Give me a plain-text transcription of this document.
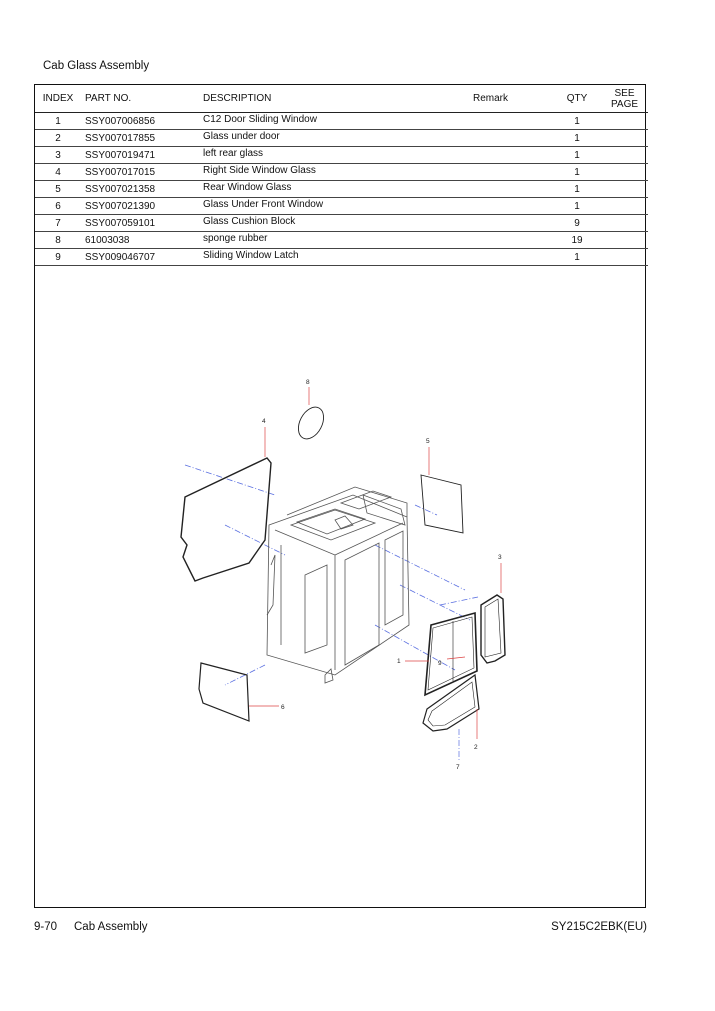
Cab Glass Assembly
INDEX	PART NO.	DESCRIPTION	Remark	QTY	SEE
PAGE
1	SSY007006856	C12 Door Sliding Window		1	
2	SSY007017855	Glass under door		1	
3	SSY007019471	left rear glass		1	
4	SSY007017015	Right Side Window Glass		1	
5	SSY007021358	Rear Window Glass		1	
6	SSY007021390	Glass Under Front Window		1	
7	SSY007059101	Glass Cushion Block		9	
8	61003038	sponge rubber		19	
9	SSY009046707	Sliding Window Latch		1	
8
4
5
3
1	9
6
2
7
9-70 Cab Assembly	SY215C2EBK(EU)
